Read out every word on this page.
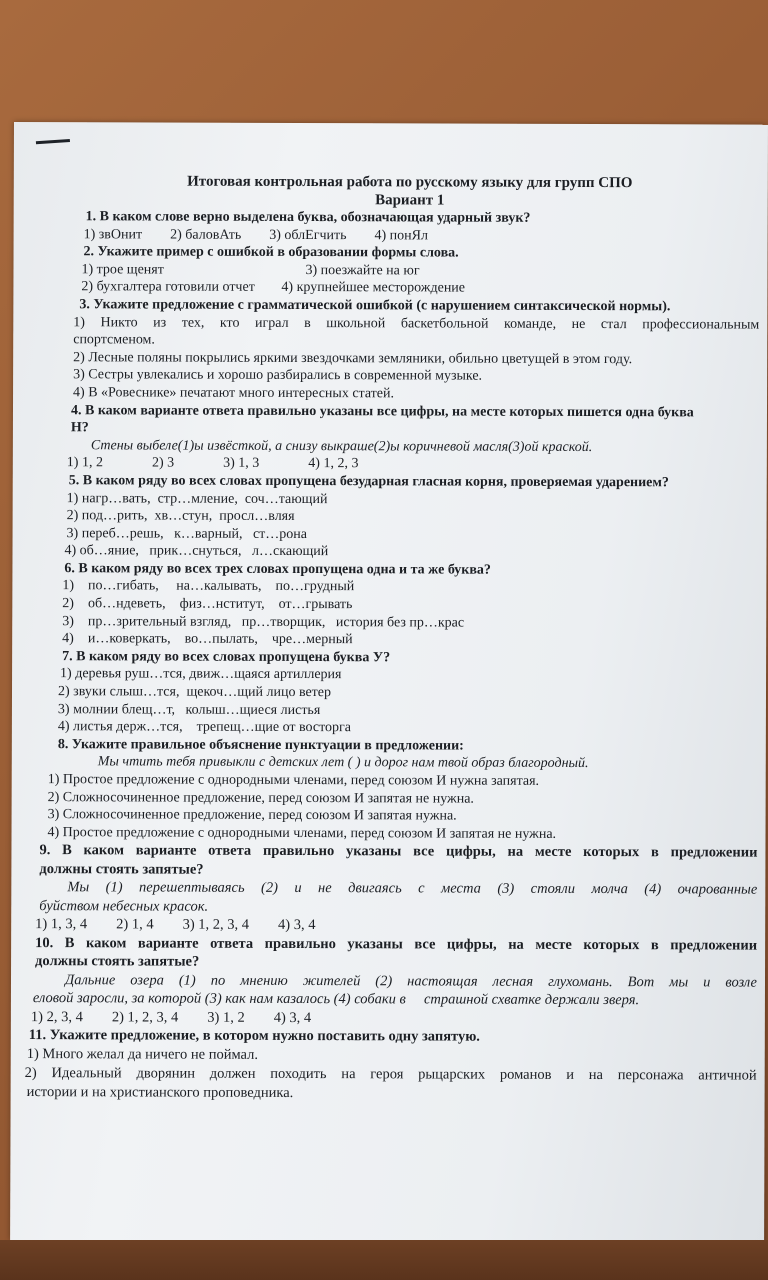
Итоговая контрольная работа по русскому языку для групп СПО
Вариант 1
1. В каком слове верно выделена буква, обозначающая ударный звук?
1) звОнит        2) баловАть        3) облЕгчить        4) понЯл
2. Укажите пример с ошибкой в образовании формы слова.
1) трое щенят	3) поезжайте на юг
2) бухгалтера готовили отчет 4) крупнейшее месторождение
3. Укажите предложение с грамматической ошибкой (с нарушением синтаксической нормы).
1) Никто из тех, кто играл в школьной баскетбольной команде, не стал профессиональным
спортсменом.
2) Лесные поляны покрылись яркими звездочками земляники, обильно цветущей в этом году.
3) Сестры увлекались и хорошо разбирались в современной музыке.
4) В «Ровеснике» печатают много интересных статей.
4. В каком варианте ответа правильно указаны все цифры, на месте которых пишется одна буква
Н?
Стены выбеле(1)ы извёсткой, а снизу выкраше(2)ы коричневой масля(3)ой краской.
1) 1, 2              2) 3              3) 1, 3              4) 1, 2, 3
5. В каком ряду во всех словах пропущена безударная гласная корня, проверяемая ударением?
1) нагр…вать,  стр…мление,  соч…тающий
2) под…рить,  хв…стун,  просл…вляя
3) переб…решь,   к…варный,   ст…рона
4) об…яние,   прик…снуться,   л…скающий
6. В каком ряду во всех трех словах пропущена одна и та же буква?
1)    по…гибать,     на…калывать,    по…грудный
2)    об…ндеветь,    физ…нститут,    от…грывать
3)    пр…зрительный взгляд,   пр…творщик,   история без пр…крас
4)    и…коверкать,    во…пылать,    чре…мерный
7. В каком ряду во всех словах пропущена буква У?
1) деревья руш…тся, движ…щаяся артиллерия
2) звуки слыш…тся,  щекоч…щий лицо ветер
3) молнии блещ…т,   колыш…щиеся листья
4) листья держ…тся,    трепещ…щие от восторга
8. Укажите правильное объяснение пунктуации в предложении:
Мы чтить тебя привыкли с детских лет ( ) и дорог нам твой образ благородный.
1) Простое предложение с однородными членами, перед союзом И нужна запятая.
2) Сложносочиненное предложение, перед союзом И запятая не нужна.
3) Сложносочиненное предложение, перед союзом И запятая нужна.
4) Простое предложение с однородными членами, перед союзом И запятая не нужна.
9. В каком варианте ответа правильно указаны все цифры, на месте которых в предложении
должны стоять запятые?
Мы (1) перешептываясь (2) и не двигаясь с места (3) стояли молча (4) очарованные
буйством небесных красок.
1) 1, 3, 4        2) 1, 4        3) 1, 2, 3, 4        4) 3, 4
10. В каком варианте ответа правильно указаны все цифры, на месте которых в предложении
должны стоять запятые?
Дальние озера (1) по мнению жителей (2) настоящая лесная глухомань. Вот мы и возле
еловой заросли, за которой (3) как нам казалось (4) собаки в     страшной схватке держали зверя.
1) 2, 3, 4        2) 1, 2, 3, 4        3) 1, 2        4) 3, 4
11. Укажите предложение, в котором нужно поставить одну запятую.
1) Много желал да ничего не поймал.
2) Идеальный дворянин должен походить на героя рыцарских романов и на персонажа античной
истории и на христианского проповедника.
